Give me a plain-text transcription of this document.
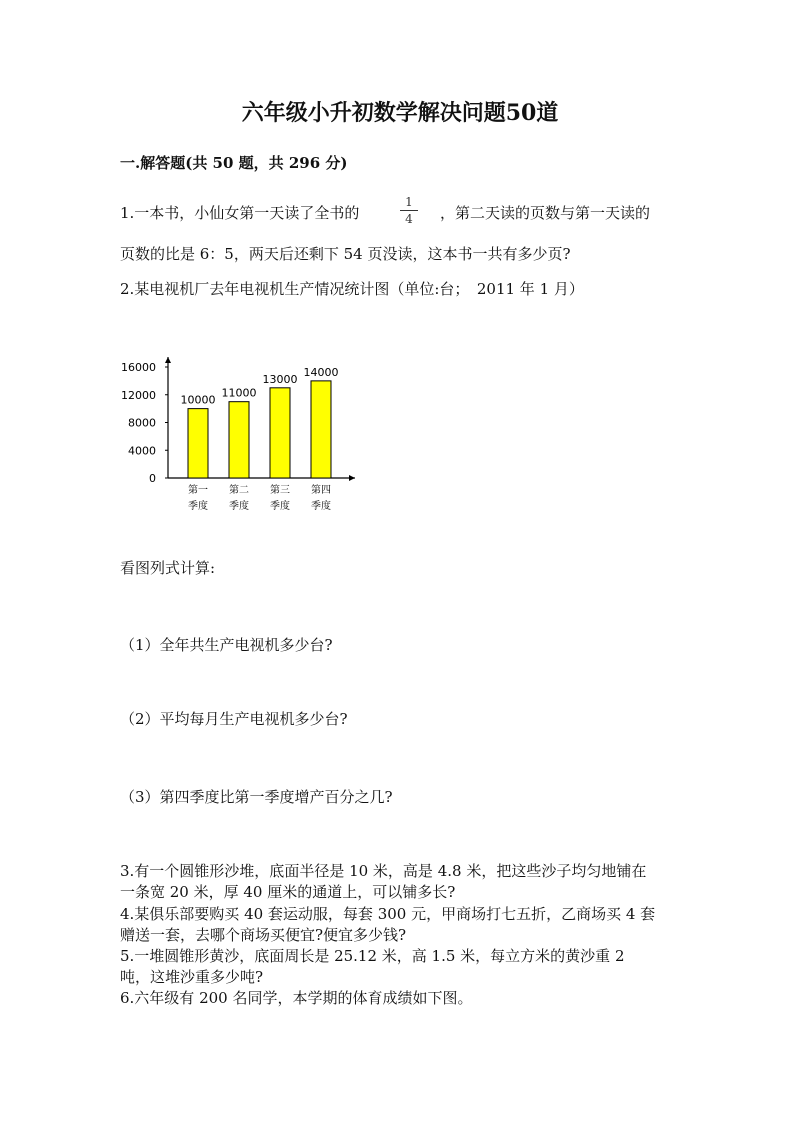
六年级小升初数学解决问题50道
一.解答题(共 50 题，共 296 分)
1.一本书，小仙女第一天读了全书的	$\frac{1}{4}$ ，第二天读的页数与第一天读的
页数的比是 6：5，两天后还剩下 54 页没读，这本书一共有多少页?
2.某电视机厂去年电视机生产情况统计图（单位:台；　2011 年 1 月）
0
4000
8000
12000
16000
10000
第一
季度
11000
第二
季度
13000
第三
季度
14000
第四
季度
看图列式计算:
（1）全年共生产电视机多少台?
（2）平均每月生产电视机多少台?
（3）第四季度比第一季度增产百分之几?
3.有一个圆锥形沙堆，底面半径是 10 米，高是 4.8 米，把这些沙子均匀地铺在
一条宽 20 米，厚 40 厘米的通道上，可以铺多长?
4.某俱乐部要购买 40 套运动服，每套 300 元，甲商场打七五折，乙商场买 4 套
赠送一套，去哪个商场买便宜?便宜多少钱?
5.一堆圆锥形黄沙，底面周长是 25.12 米，高 1.5 米，每立方米的黄沙重 2
吨，这堆沙重多少吨?
6.六年级有 200 名同学，本学期的体育成绩如下图。
